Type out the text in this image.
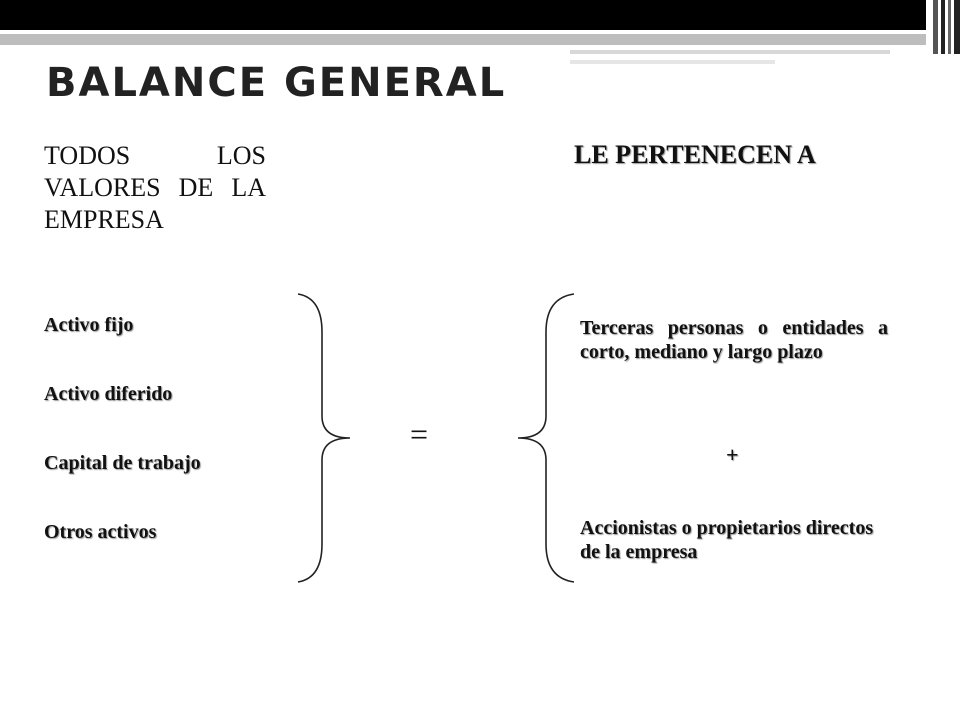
BALANCE GENERAL
TODOS LOS VALORES DE LA EMPRESA
LE PERTENECEN A
Activo fijo
Activo diferido
Capital de trabajo
Otros activos
=
Terceras personas o entidades a corto, mediano y largo plazo
+
Accionistas o propietarios directos de la empresa
